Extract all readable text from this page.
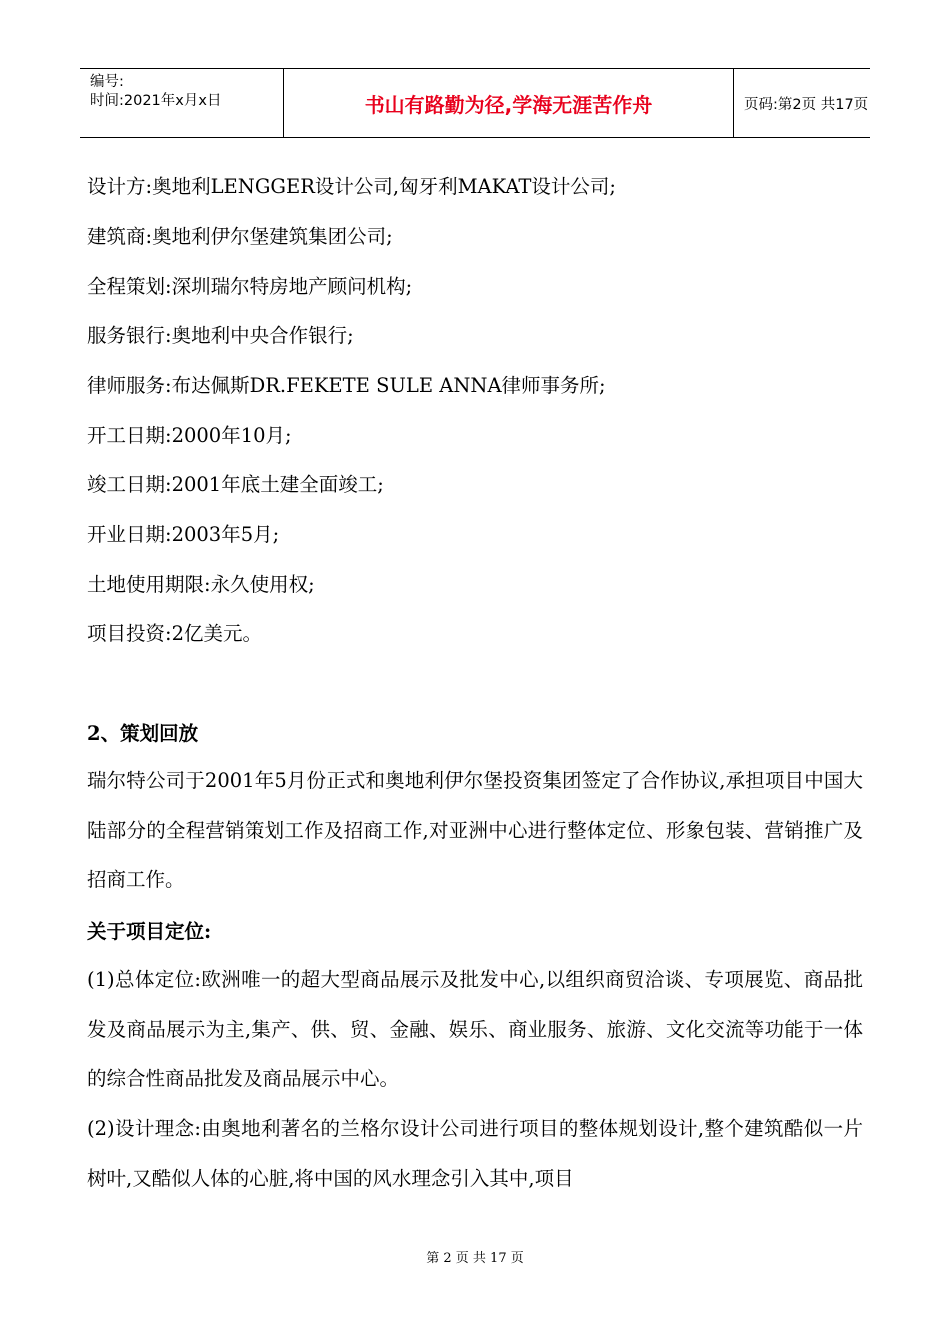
编号:
时间:2021年x月x日	书山有路勤为径,学海无涯苦作舟	页码:第2页 共17页
设计方:奥地利LENGGER设计公司,匈牙利MAKAT设计公司;
建筑商:奥地利伊尔堡建筑集团公司;
全程策划:深圳瑞尔特房地产顾问机构;
服务银行:奥地利中央合作银行;
律师服务:布达佩斯DR.FEKETE SULE ANNA律师事务所;
开工日期:2000年10月;
竣工日期:2001年底土建全面竣工;
开业日期:2003年5月;
土地使用期限:永久使用权;
项目投资:2亿美元。
2、策划回放
瑞尔特公司于2001年5月份正式和奥地利伊尔堡投资集团签定了合作协议,承担项目中国大陆部分的全程营销策划工作及招商工作,对亚洲中心进行整体定位、形象包装、营销推广及招商工作。
关于项目定位:
(1)总体定位:欧洲唯一的超大型商品展示及批发中心,以组织商贸洽谈、专项展览、商品批发及商品展示为主,集产、供、贸、金融、娱乐、商业服务、旅游、文化交流等功能于一体的综合性商品批发及商品展示中心。
(2)设计理念:由奥地利著名的兰格尔设计公司进行项目的整体规划设计,整个建筑酷似一片树叶,又酷似人体的心脏,将中国的风水理念引入其中,项目
第 2 页 共 17 页
